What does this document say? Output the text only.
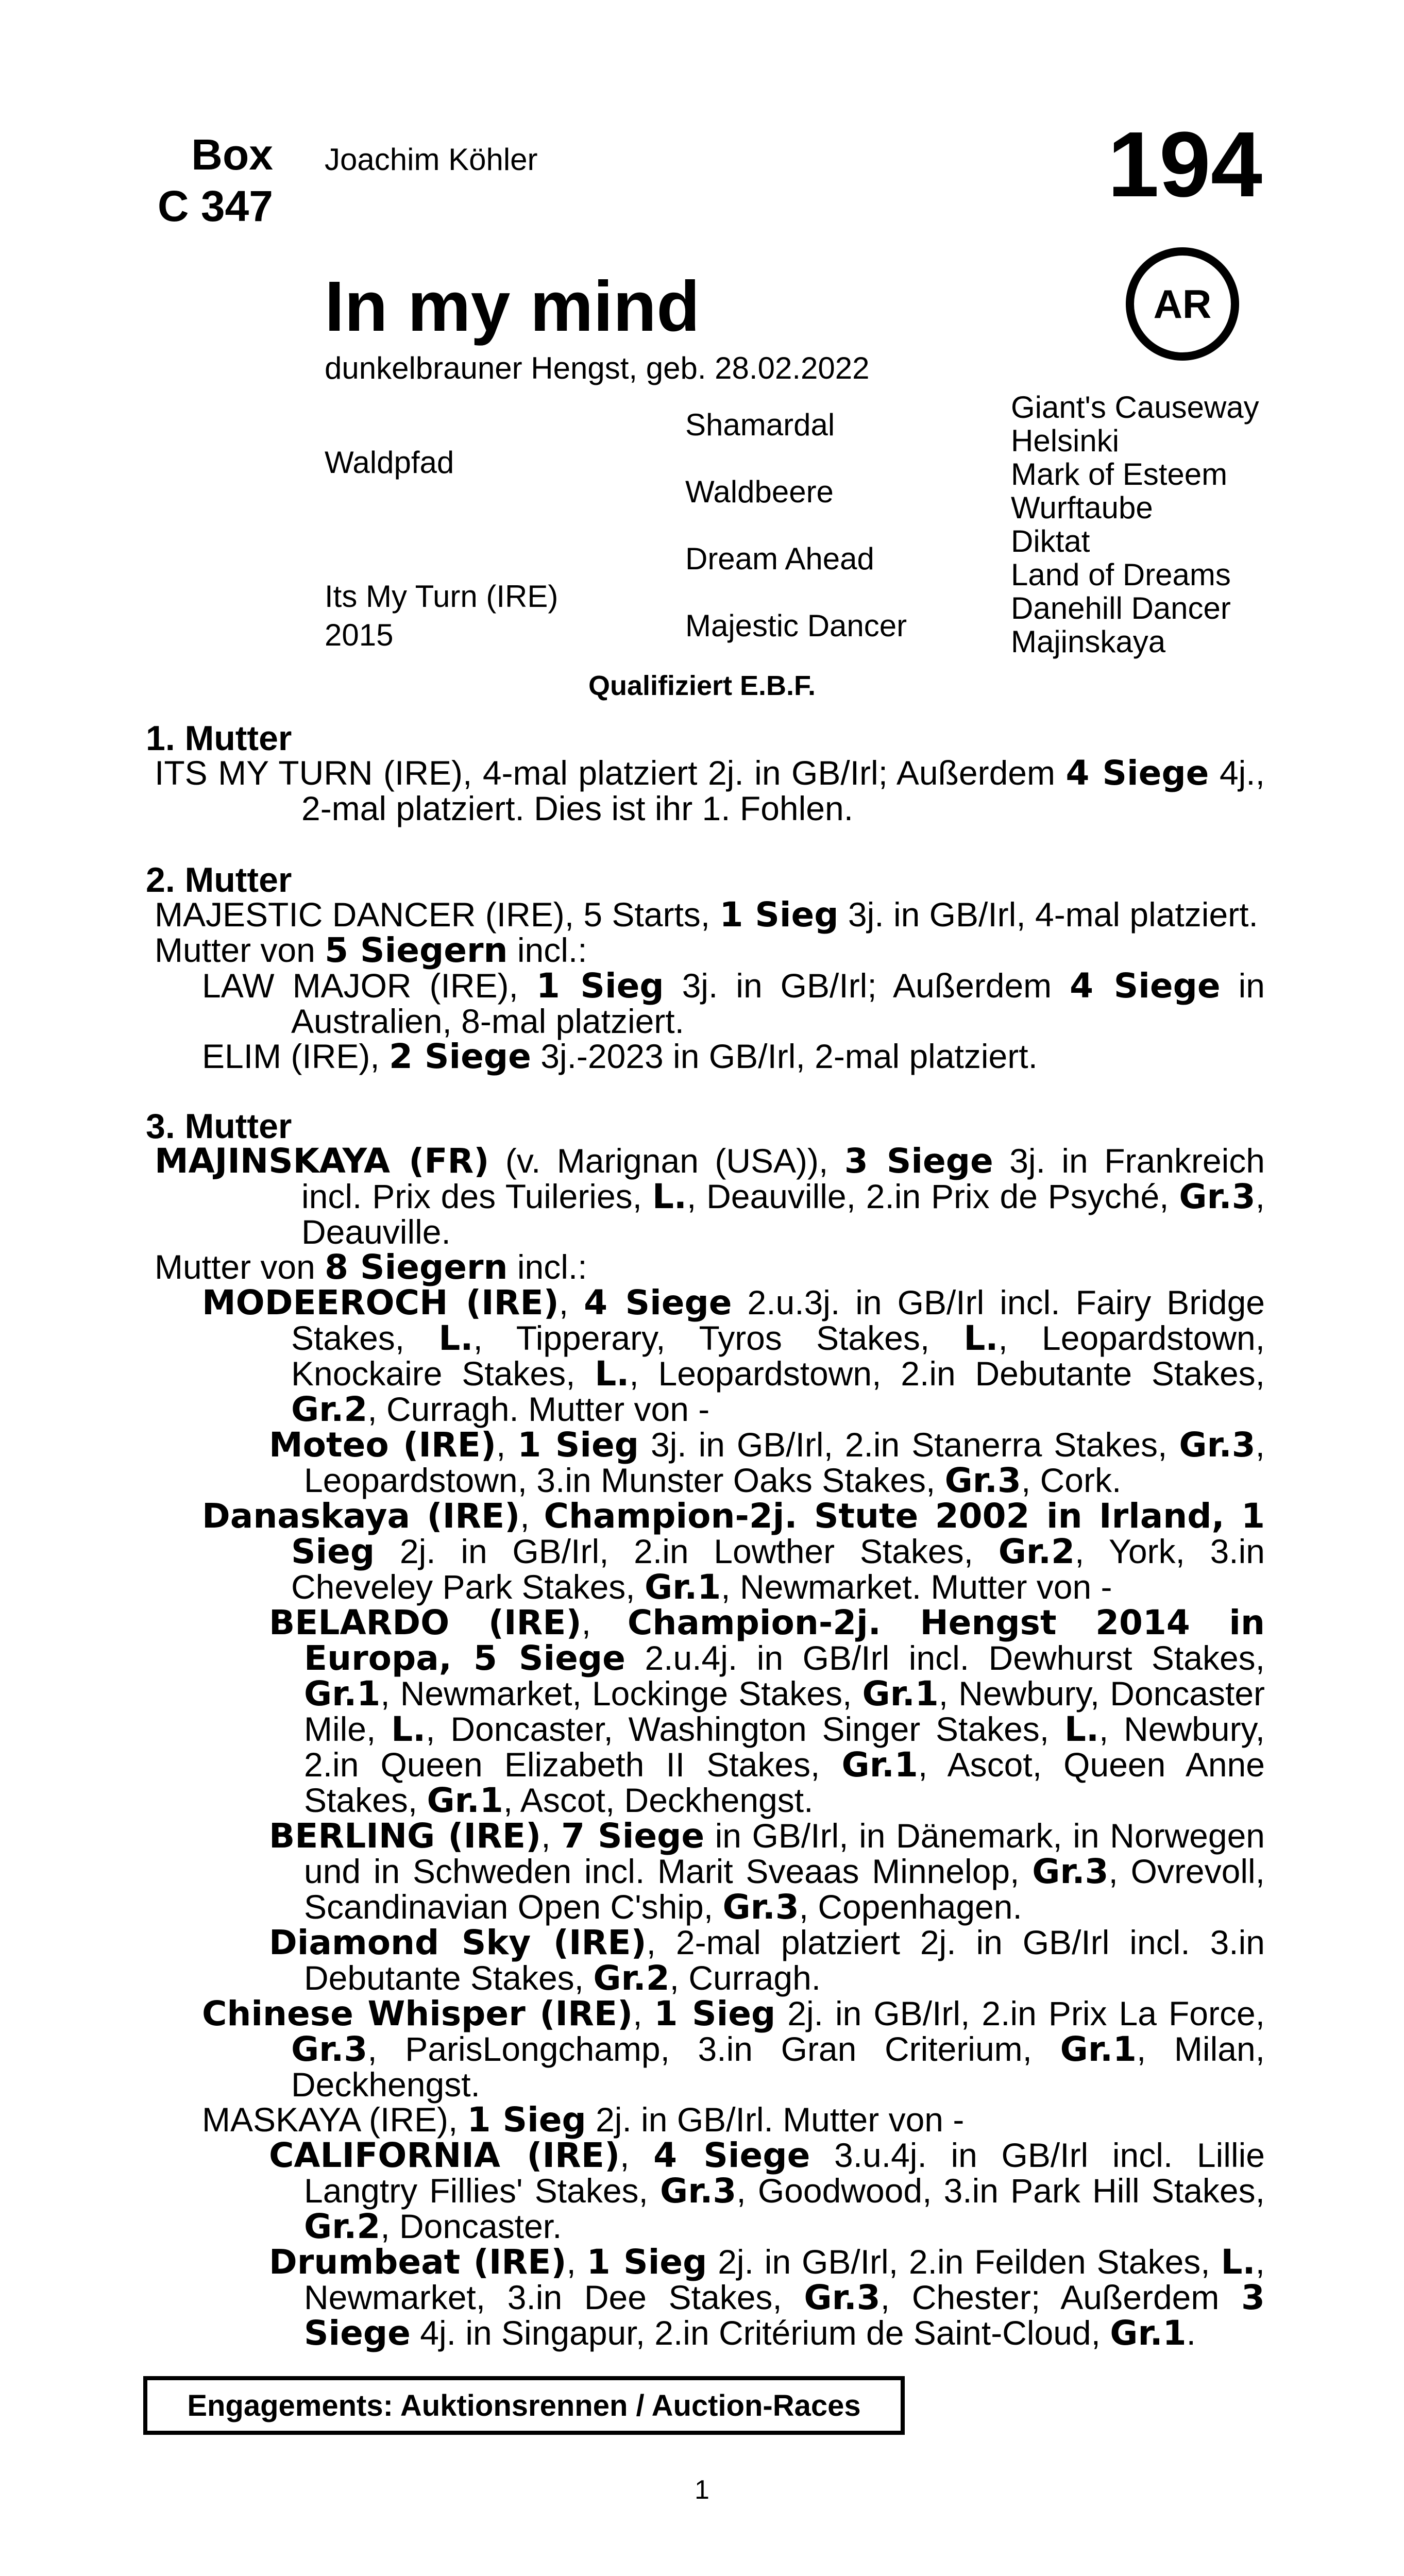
Box
C 347
Joachim Köhler	194
In my mind	AR
dunkelbrauner Hengst, geb. 28.02.2022
Waldpfad
Its My Turn (IRE)
2015
Shamardal
Waldbeere
Dream Ahead
Majestic Dancer
Giant's Causeway
Helsinki
Mark of Esteem
Wurftaube
Diktat
Land of Dreams
Danehill Dancer
Majinskaya
Qualifiziert E.B.F.
1. Mutter

ITS MY TURN (IRE), 4-mal platziert 2j. in GB/Irl; Außerdem 4 Siege 4j., 2-mal platziert. Dies ist ihr 1. Fohlen.

2. Mutter

MAJESTIC DANCER (IRE), 5 Starts, 1 Sieg 3j. in GB/Irl, 4-mal platziert.

Mutter von 5 Siegern incl.:

LAW MAJOR (IRE), 1 Sieg 3j. in GB/Irl; Außerdem 4 Siege in Australien, 8-mal platziert.

ELIM (IRE), 2 Siege 3j.-2023 in GB/Irl, 2-mal platziert.

3. Mutter

MAJINSKAYA (FR) (v. Marignan (USA)), 3 Siege 3j. in Frankreich incl. Prix des Tuileries, L., Deauville, 2.in Prix de Psyché, Gr.3, Deauville.

Mutter von 8 Siegern incl.:

MODEEROCH (IRE), 4 Siege 2.u.3j. in GB/Irl incl. Fairy Bridge Stakes, L., Tipperary, Tyros Stakes, L., Leopardstown, Knockaire Stakes, L., Leopardstown, 2.in Debutante Stakes, Gr.2, Curragh. Mutter von -

Moteo (IRE), 1 Sieg 3j. in GB/Irl, 2.in Stanerra Stakes, Gr.3, Leopardstown, 3.in Munster Oaks Stakes, Gr.3, Cork.

Danaskaya (IRE), Champion-2j. Stute 2002 in Irland, 1 Sieg 2j. in GB/Irl, 2.in Lowther Stakes, Gr.2, York, 3.in Cheveley Park Stakes, Gr.1, Newmarket. Mutter von -

BELARDO (IRE), Champion-2j. Hengst 2014 in Europa, 5 Siege 2.u.4j. in GB/Irl incl. Dewhurst Stakes, Gr.1, Newmarket, Lockinge Stakes, Gr.1, Newbury, Doncaster Mile, L., Doncaster, Washington Singer Stakes, L., Newbury, 2.in Queen Elizabeth II Stakes, Gr.1, Ascot, Queen Anne Stakes, Gr.1, Ascot, Deckhengst.

BERLING (IRE), 7 Siege in GB/Irl, in Dänemark, in Norwegen und in Schweden incl. Marit Sveaas Minnelop, Gr.3, Ovrevoll, Scandinavian Open C'ship, Gr.3, Copenhagen.

Diamond Sky (IRE), 2-mal platziert 2j. in GB/Irl incl. 3.in Debutante Stakes, Gr.2, Curragh.

Chinese Whisper (IRE), 1 Sieg 2j. in GB/Irl, 2.in Prix La Force, Gr.3, ParisLongchamp, 3.in Gran Criterium, Gr.1, Milan, Deckhengst.

MASKAYA (IRE), 1 Sieg 2j. in GB/Irl. Mutter von -

CALIFORNIA (IRE), 4 Siege 3.u.4j. in GB/Irl incl. Lillie Langtry Fillies' Stakes, Gr.3, Goodwood, 3.in Park Hill Stakes, Gr.2, Doncaster.

Drumbeat (IRE), 1 Sieg 2j. in GB/Irl, 2.in Feilden Stakes, L., Newmarket, 3.in Dee Stakes, Gr.3, Chester; Außerdem 3 Siege 4j. in Singapur, 2.in Critérium de Saint-Cloud, Gr.1.

Engagements: Auktionsrennen / Auction-Races
1
